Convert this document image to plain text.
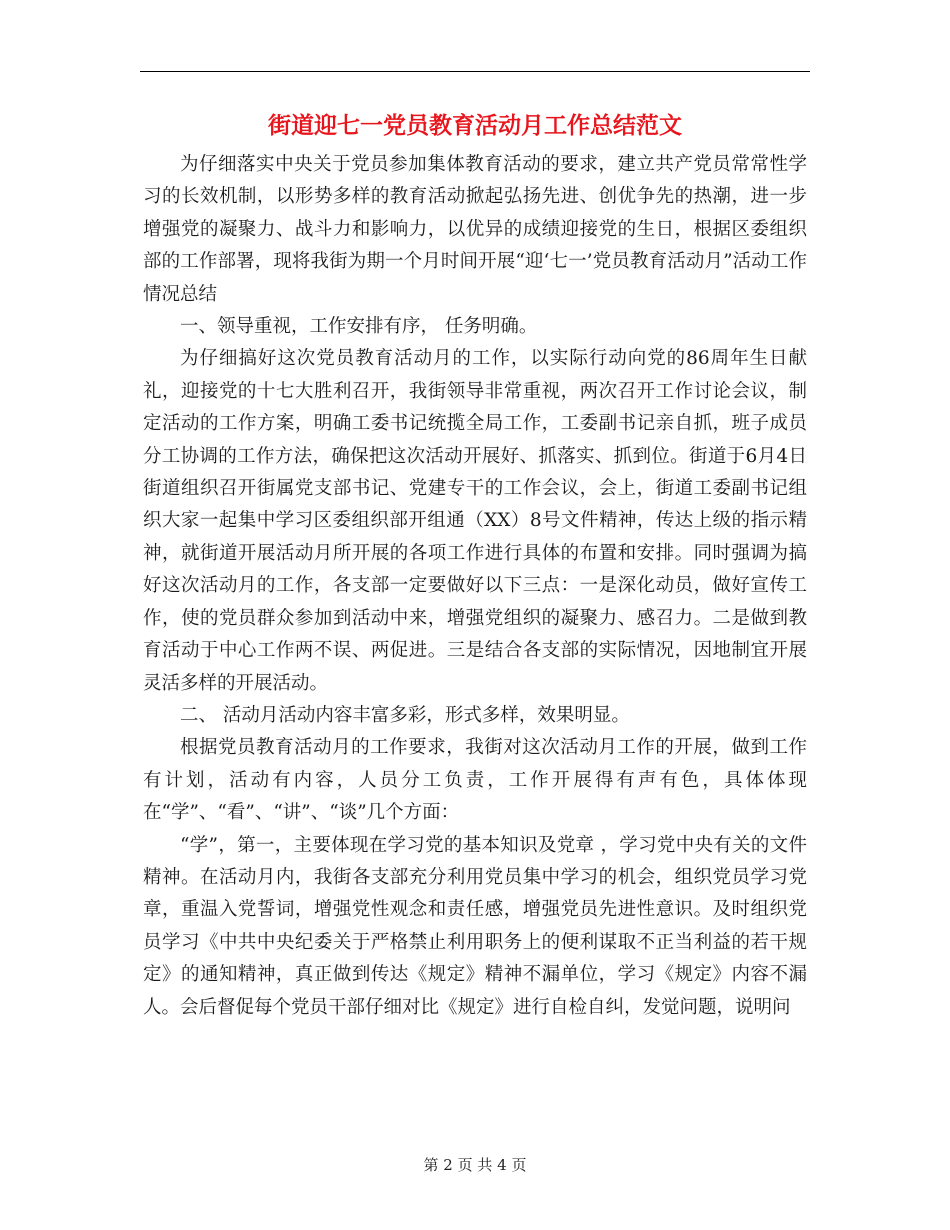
街道迎七一党员教育活动月工作总结范文

为仔细落实中央关于党员参加集体教育活动的要求，建立共产党员常常性学习的长效机制，以形势多样的教育活动掀起弘扬先进、创优争先的热潮，进一步增强党的凝聚力、战斗力和影响力，以优异的成绩迎接党的生日，根据区委组织部的工作部署，现将我街为期一个月时间开展“迎‘七一’党员教育活动月”活动工作情况总结

一、领导重视，工作安排有序， 任务明确。

为仔细搞好这次党员教育活动月的工作，以实际行动向党的86周年生日献礼，迎接党的十七大胜利召开，我街领导非常重视，两次召开工作讨论会议，制定活动的工作方案，明确工委书记统揽全局工作，工委副书记亲自抓，班子成员分工协调的工作方法，确保把这次活动开展好、抓落实、抓到位。街道于6月4日街道组织召开街属党支部书记、党建专干的工作会议，会上，街道工委副书记组织大家一起集中学习区委组织部开组通（XX）8号文件精神，传达上级的指示精神，就街道开展活动月所开展的各项工作进行具体的布置和安排。同时强调为搞好这次活动月的工作，各支部一定要做好以下三点：一是深化动员，做好宣传工作，使的党员群众参加到活动中来，增强党组织的凝聚力、感召力。二是做到教育活动于中心工作两不误、两促进。三是结合各支部的实际情况，因地制宜开展灵活多样的开展活动。

二、 活动月活动内容丰富多彩，形式多样，效果明显。

根据党员教育活动月的工作要求，我街对这次活动月工作的开展，做到工作有计划，活动有内容，人员分工负责，工作开展得有声有色，具体体现在“学”、“看”、“讲”、“谈”几个方面：

“学”，第一，主要体现在学习党的基本知识及党章 ，学习党中央有关的文件精神。在活动月内，我街各支部充分利用党员集中学习的机会，组织党员学习党章，重温入党誓词，增强党性观念和责任感，增强党员先进性意识。及时组织党员学习《中共中央纪委关于严格禁止利用职务上的便利谋取不正当利益的若干规定》的通知精神，真正做到传达《规定》精神不漏单位，学习《规定》内容不漏人。会后督促每个党员干部仔细对比《规定》进行自检自纠，发觉问题，说明问

第 2 页 共 4 页
